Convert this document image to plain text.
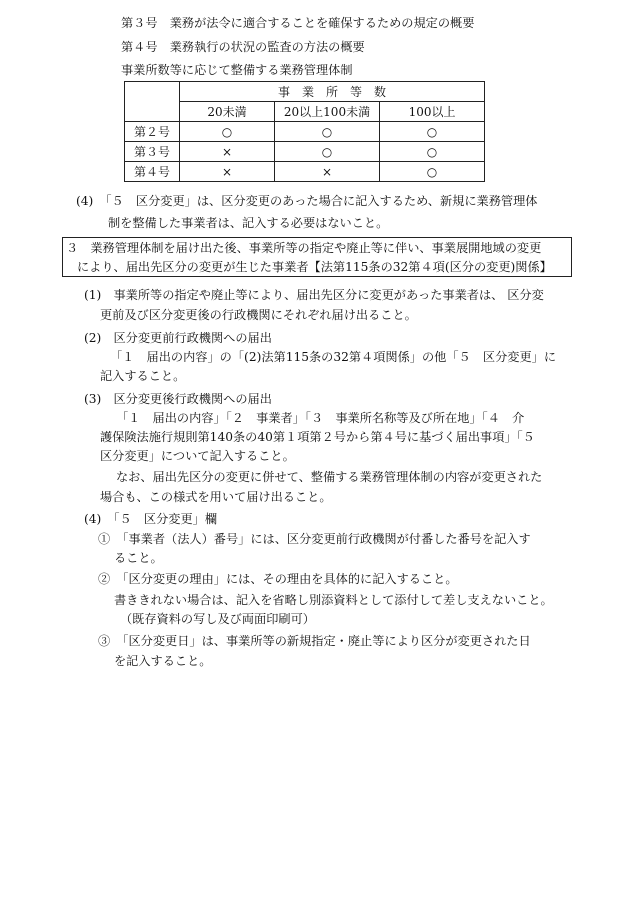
第３号　業務が法令に適合することを確保するための規定の概要
第４号　業務執行の状況の監査の方法の概要
事業所数等に応じて整備する業務管理体制
	事　業　所　等　数		
	20未満	20以上100未満	100以上
第２号	○	○	○
第３号	×	○	○
第４号	×	×	○
(4)　「５　区分変更」は、区分変更のあった場合に記入するため、新規に業務管理体
制を整備した事業者は、記入する必要はないこと。
３　業務管理体制を届け出た後、事業所等の指定や廃止等に伴い、事業展開地域の変更
により、届出先区分の変更が生じた事業者【法第115条の32第４項(区分の変更)関係】
(1)　事業所等の指定や廃止等により、届出先区分に変更があった事業者は、 区分変
更前及び区分変更後の行政機関にそれぞれ届け出ること。
(2)　区分変更前行政機関への届出
「１　届出の内容」の「(2)法第115条の32第４項関係」の他「５　区分変更」に
記入すること。
(3)　区分変更後行政機関への届出
「１　届出の内容」「２　事業者」「３　事業所名称等及び所在地」「４　介
護保険法施行規則第140条の40第１項第２号から第４号に基づく届出事項」「５
区分変更」について記入すること。
なお、届出先区分の変更に併せて、整備する業務管理体制の内容が変更された
場合も、この様式を用いて届け出ること。
(4)　「５　区分変更」欄
①　「事業者（法人）番号」には、区分変更前行政機関が付番した番号を記入す
ること。
②　「区分変更の理由」には、その理由を具体的に記入すること。
書ききれない場合は、記入を省略し別添資料として添付して差し支えないこと。
（既存資料の写し及び両面印刷可）
③　「区分変更日」は、事業所等の新規指定・廃止等により区分が変更された日
を記入すること。
